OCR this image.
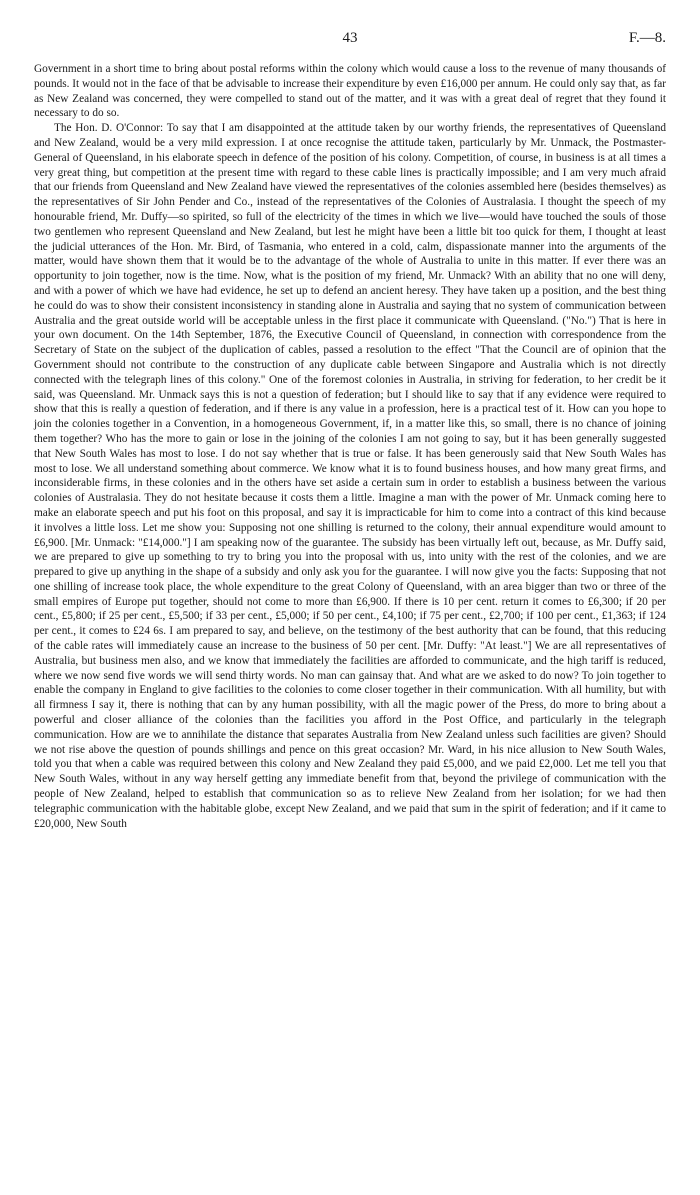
43	F.—8.

Government in a short time to bring about postal reforms within the colony which would cause a loss to the revenue of many thousands of pounds. It would not in the face of that be advisable to increase their expenditure by even £16,000 per annum. He could only say that, as far as New Zealand was concerned, they were compelled to stand out of the matter, and it was with a great deal of regret that they found it necessary to do so.

The Hon. D. O'Connor: To say that I am disappointed at the attitude taken by our worthy friends, the representatives of Queensland and New Zealand, would be a very mild expression. I at once recognise the attitude taken, particularly by Mr. Unmack, the Postmaster-General of Queensland, in his elaborate speech in defence of the position of his colony. Competition, of course, in business is at all times a very great thing, but competition at the present time with regard to these cable lines is practically impossible; and I am very much afraid that our friends from Queensland and New Zealand have viewed the representatives of the colonies assembled here (besides themselves) as the representatives of Sir John Pender and Co., instead of the representatives of the Colonies of Australasia. I thought the speech of my honourable friend, Mr. Duffy—so spirited, so full of the electricity of the times in which we live—would have touched the souls of those two gentlemen who represent Queensland and New Zealand, but lest he might have been a little bit too quick for them, I thought at least the judicial utterances of the Hon. Mr. Bird, of Tasmania, who entered in a cold, calm, dispassionate manner into the arguments of the matter, would have shown them that it would be to the advantage of the whole of Australia to unite in this matter. If ever there was an opportunity to join together, now is the time. Now, what is the position of my friend, Mr. Unmack? With an ability that no one will deny, and with a power of which we have had evidence, he set up to defend an ancient heresy. They have taken up a position, and the best thing he could do was to show their consistent inconsistency in standing alone in Australia and saying that no system of communication between Australia and the great outside world will be acceptable unless in the first place it communicate with Queensland. ("No.") That is here in your own document. On the 14th September, 1876, the Executive Council of Queensland, in connection with correspondence from the Secretary of State on the subject of the duplication of cables, passed a resolution to the effect "That the Council are of opinion that the Government should not contribute to the construction of any duplicate cable between Singapore and Australia which is not directly connected with the telegraph lines of this colony." One of the foremost colonies in Australia, in striving for federation, to her credit be it said, was Queensland. Mr. Unmack says this is not a question of federation; but I should like to say that if any evidence were required to show that this is really a question of federation, and if there is any value in a profession, here is a practical test of it. How can you hope to join the colonies together in a Convention, in a homogeneous Government, if, in a matter like this, so small, there is no chance of joining them together? Who has the more to gain or lose in the joining of the colonies I am not going to say, but it has been generally suggested that New South Wales has most to lose. I do not say whether that is true or false. It has been generously said that New South Wales has most to lose. We all understand something about commerce. We know what it is to found business houses, and how many great firms, and inconsiderable firms, in these colonies and in the others have set aside a certain sum in order to establish a business between the various colonies of Australasia. They do not hesitate because it costs them a little. Imagine a man with the power of Mr. Unmack coming here to make an elaborate speech and put his foot on this proposal, and say it is impracticable for him to come into a contract of this kind because it involves a little loss. Let me show you: Supposing not one shilling is returned to the colony, their annual expenditure would amount to £6,900. [Mr. Unmack: "£14,000."] I am speaking now of the guarantee. The subsidy has been virtually left out, because, as Mr. Duffy said, we are prepared to give up something to try to bring you into the proposal with us, into unity with the rest of the colonies, and we are prepared to give up anything in the shape of a subsidy and only ask you for the guarantee. I will now give you the facts: Supposing that not one shilling of increase took place, the whole expenditure to the great Colony of Queensland, with an area bigger than two or three of the small empires of Europe put together, should not come to more than £6,900. If there is 10 per cent. return it comes to £6,300; if 20 per cent., £5,800; if 25 per cent., £5,500; if 33 per cent., £5,000; if 50 per cent., £4,100; if 75 per cent., £2,700; if 100 per cent., £1,363; if 124 per cent., it comes to £24 6s. I am prepared to say, and believe, on the testimony of the best authority that can be found, that this reducing of the cable rates will immediately cause an increase to the business of 50 per cent. [Mr. Duffy: "At least."] We are all representatives of Australia, but business men also, and we know that immediately the facilities are afforded to communicate, and the high tariff is reduced, where we now send five words we will send thirty words. No man can gainsay that. And what are we asked to do now? To join together to enable the company in England to give facilities to the colonies to come closer together in their communication. With all humility, but with all firmness I say it, there is nothing that can by any human possibility, with all the magic power of the Press, do more to bring about a powerful and closer alliance of the colonies than the facilities you afford in the Post Office, and particularly in the telegraph communication. How are we to annihilate the distance that separates Australia from New Zealand unless such facilities are given? Should we not rise above the question of pounds shillings and pence on this great occasion? Mr. Ward, in his nice allusion to New South Wales, told you that when a cable was required between this colony and New Zealand they paid £5,000, and we paid £2,000. Let me tell you that New South Wales, without in any way herself getting any immediate benefit from that, beyond the privilege of communication with the people of New Zealand, helped to establish that communication so as to relieve New Zealand from her isolation; for we had then telegraphic communication with the habitable globe, except New Zealand, and we paid that sum in the spirit of federation; and if it came to £20,000, New South
